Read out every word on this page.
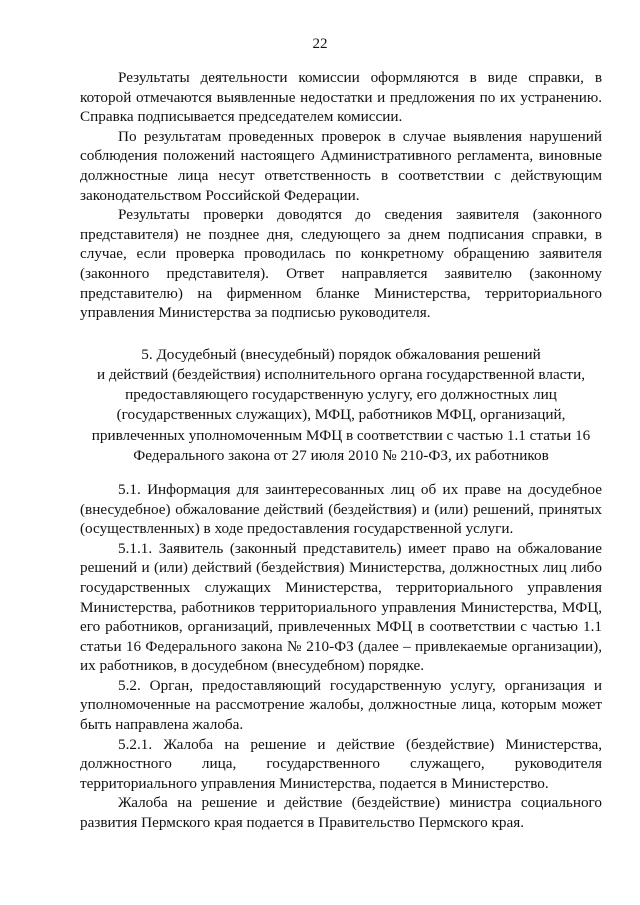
22

Результаты деятельности комиссии оформляются в виде справки, в которой отмечаются выявленные недостатки и предложения по их устранению. Справка подписывается председателем комиссии.

По результатам проведенных проверок в случае выявления нарушений соблюдения положений настоящего Административного регламента, виновные должностные лица несут ответственность в соответствии с действующим законодательством Российской Федерации.

Результаты проверки доводятся до сведения заявителя (законного представителя) не позднее дня, следующего за днем подписания справки, в случае, если проверка проводилась по конкретному обращению заявителя (законного представителя). Ответ направляется заявителю (законному представителю) на фирменном бланке Министерства, территориального управления Министерства за подписью руководителя.

5. Досудебный (внесудебный) порядок обжалования решений
и действий (бездействия) исполнительного органа государственной власти,
предоставляющего государственную услугу, его должностных лиц
(государственных служащих), МФЦ, работников МФЦ, организаций,
привлеченных уполномоченным МФЦ в соответствии с частью 1.1 статьи 16
Федерального закона от 27 июля 2010 № 210-ФЗ, их работников

5.1. Информация для заинтересованных лиц об их праве на досудебное (внесудебное) обжалование действий (бездействия) и (или) решений, принятых (осуществленных) в ходе предоставления государственной услуги.

5.1.1. Заявитель (законный представитель) имеет право на обжалование решений и (или) действий (бездействия) Министерства, должностных лиц либо государственных служащих Министерства, территориального управления Министерства, работников территориального управления Министерства, МФЦ, его работников, организаций, привлеченных МФЦ в соответствии с частью 1.1 статьи 16 Федерального закона № 210-ФЗ (далее – привлекаемые организации), их работников, в досудебном (внесудебном) порядке.

5.2. Орган, предоставляющий государственную услугу, организация и уполномоченные на рассмотрение жалобы, должностные лица, которым может быть направлена жалоба.

5.2.1. Жалоба на решение и действие (бездействие) Министерства, должностного лица, государственного служащего, руководителя территориального управления Министерства, подается в Министерство.

Жалоба на решение и действие (бездействие) министра социального развития Пермского края подается в Правительство Пермского края.
